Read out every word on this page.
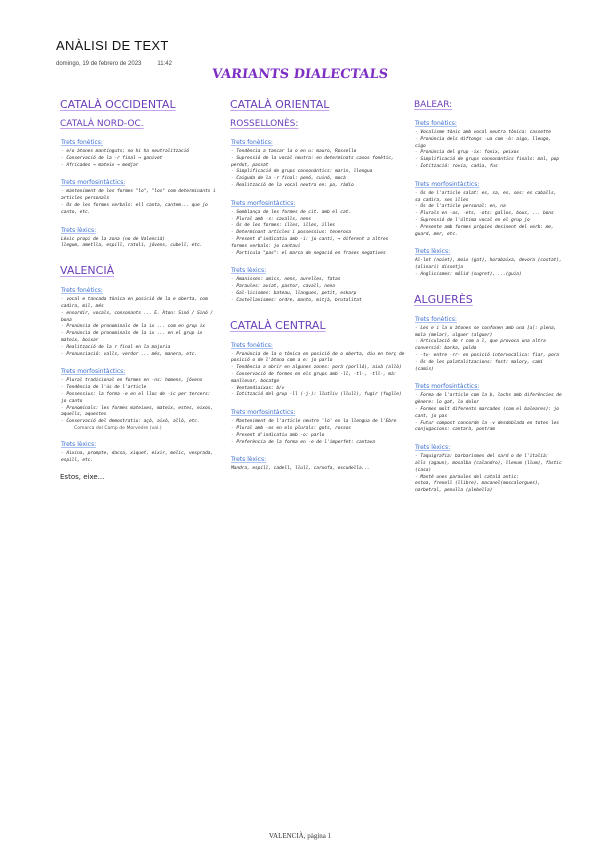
ANÀLISI DE TEXT
domingo, 19 de febrero de 2023	11:42
VARIANTS DIALECTALS
CATALÀ OCCIDENTAL
CATALÀ NORD-OC.
Trets fonètics:
- e/o àtones mantinguts; no hi ha neutralització
- Conservació de la -r final → ganivet
- Africades → mateix → medjar
Trets morfosintàctics:
- manteniment de les formes "lo", "los" com determinants i articles personals
- Ús de les formes verbals: ell canta, cantem... que jo canto, etc.
Trets lèxics:
Lèxic propi de la zona (no de Valencià)
llegum, ametlla, espill, ratolí, jóvens, cubell, etc.
VALENCIÀ
Trets fonètics:
- vocal e tancada tònica en posició de la e oberta, com cadira, mil, més
- ensordir, vocals, consonants ... E. Àton: Sinó / Sinó / bona
- Pronúncia de pronominals de la ix ... com en grup ix
- Pronúncia de pronominals de la ix ... en el grup ix mateix, boixar
- Realització de la r final en la majoria
- Pronunciació: valls, verdor ... més, manera, etc.
Trets morfosintàctics:
- Plural tradicional en formes en -ns: homens, jóvens
- Tendència de l'ús de l'article
- Possessius: la forma -e en el lloc de -ic per tercers: jo canto
- Pronominals: les formes mateixes, mateix, estes, eixos, aquells, aquestes
- Conservació del demostratiu: açò, això, allò, etc.
Comarca del Camp de Morvedre (val.)
Trets lèxics:
- Aixina, prompte, dacsa, xiquet, eixir, melic, vesprada, espill, etc.
Estos, eixe...
CATALÀ ORIENTAL
ROSSELLONÈS:
Trets fonètics:
- Tendència a tancar la o en u: mauro, Rossello
- Supressió de la vocal neutra: en determinats casos fonètic, perdut, passat
- Simplificació de grups consonàntics: marin, llengua
- Caiguda de la -r final: penó, cuinó, mocà
- Realització de la vocal neutra en: pa, ràdio
Trets morfosintàctics:
- Semblança de les formes de cit. amb el cat.
- Plural amb -s: cavalls, nens
- Ús de les formes: illes, illes, illes
- Determinant articles i possessius: tenerosa
- Present d'indicatiu amb -i: jo canti, → diferent a altres formes verbals: jo cantavi
- Partícula "pas": el marca de negació en frases negatives
Trets lèxics:
- Amanisses: amics, nens, aurelles, fatas
- Paraules: aviat, pastor, cavall, nena
- Gal·licismes: bateau, llangues, petit, eskarp
- Castellanismes: ordre, manto, mitjà, brutalitat
CATALÀ CENTRAL
Trets fonètics:
- Pronúncia de la o tònica en posició de o oberta, diu en terç de posició o de l'àtona com a e: jo parlo
- Tendència a obrir en algunes zones: porà (porlló), aixà (allò)
- Conservació de formes en els grups amb -ll, -tl-, -tll-, mà: manllevar, bocatge
- Ventandiaixas: b/v
- Iotització del grup -ll (-j-): llutliv (llull), fugir (fuglle)
Trets morfosintàctics:
- Manteniment de l'article neutre 'lo' en la llengua de l'Ebre
- Plural amb -os en els plurals: gots, rossos
- Present d'indicatiu amb -o: parlo
- Preferència de la forma en -e de l'imperfet: cantava
Trets lèxics:
Mandra, espill, cadell, llull, carxofa, escudella...
BALEAR:
Trets fonètics:
- Vocalisme tònic amb vocal neutra tònica: cassette
- Pronúncia dels diftongs -ua com -ò: aigo, lleugo, cigo
- Pronúncia del grup -ix: fonix, peixos
- Simplificació de grups consonàntics finals: mal, pop
- Iotització: rovia, cadia, fus
Trets morfosintàctics:
- Ús de l'article salat: es, sa, es, ses: es caballs, sa cadira, ses illes
- Ús de l'article personal: en, na
- Plurals en -os, -ets, -ots: gallos, bous, ... bons
- Supressió de l'última vocal en el grup jo
- Presente amb formes pròpies desinent del verb: me, guard, mer, etc.
Trets lèxics:
Al·lot (noiet), moix (gat), horabaixa, devora (costat), (alinari) dissetja
- Anglicismes: mólid (sugret), ...(guia)
ALGUERÈS
Trets fonètics:
- Les e i la o àtones se confonen amb una [a]: plena, mola (melar), ulguer (alguer)
- Articulació de r com a l, que provoca una altra conversió: barka, poldo
- -tv- entre -rr- en posició intervocàlica: fiar, pora
- Ús de les palatalitzacions: fost: malory, camí (camis)
Trets morfosintàctics:
- Forma de l'article com la b, lochs amb diferències de gènere: lo gat, lo dolor
- Formes molt diferents marcades (com el baleares): jo cant, jo pas
- Futur compost concorde la -v desdoblada en totes les conjugacions: cantarà, pontram
Trets lèxics:
- Taquigrafia: barbarismes del sard o de l'italià:
alls (agaun), mosalba (calandro), llenum (llum), fàstic (casa)
- Mantè unes paraules del català antic:
estoa, frenell (llibre), macanel(moscalorgues), narbetral, penulla (plebella)
VALENCIÀ, pàgina 1
